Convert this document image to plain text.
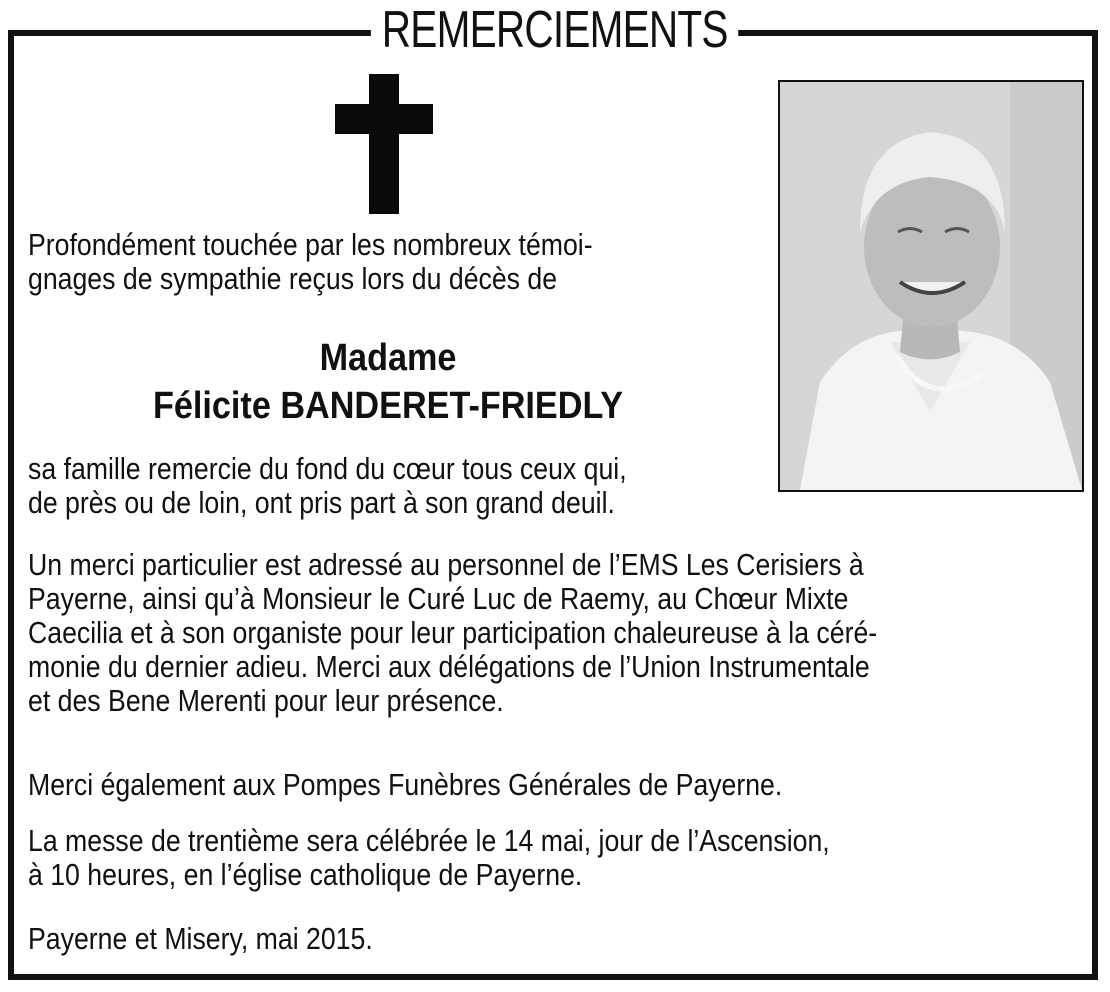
REMERCIEMENTS
Profondément touchée par les nombreux témoi-
gnages de sympathie reçus lors du décès de
Madame
Félicite BANDERET-FRIEDLY
sa famille remercie du fond du cœur tous ceux qui,
de près ou de loin, ont pris part à son grand deuil.
Un merci particulier est adressé au personnel de l’EMS Les Cerisiers à
Payerne, ainsi qu’à Monsieur le Curé Luc de Raemy, au Chœur Mixte
Caecilia et à son organiste pour leur participation chaleureuse à la céré-
monie du dernier adieu. Merci aux délégations de l’Union Instrumentale
et des Bene Merenti pour leur présence.
Merci également aux Pompes Funèbres Générales de Payerne.
La messe de trentième sera célébrée le 14 mai, jour de l’Ascension,
à 10 heures, en l’église catholique de Payerne.
Payerne et Misery, mai 2015.
